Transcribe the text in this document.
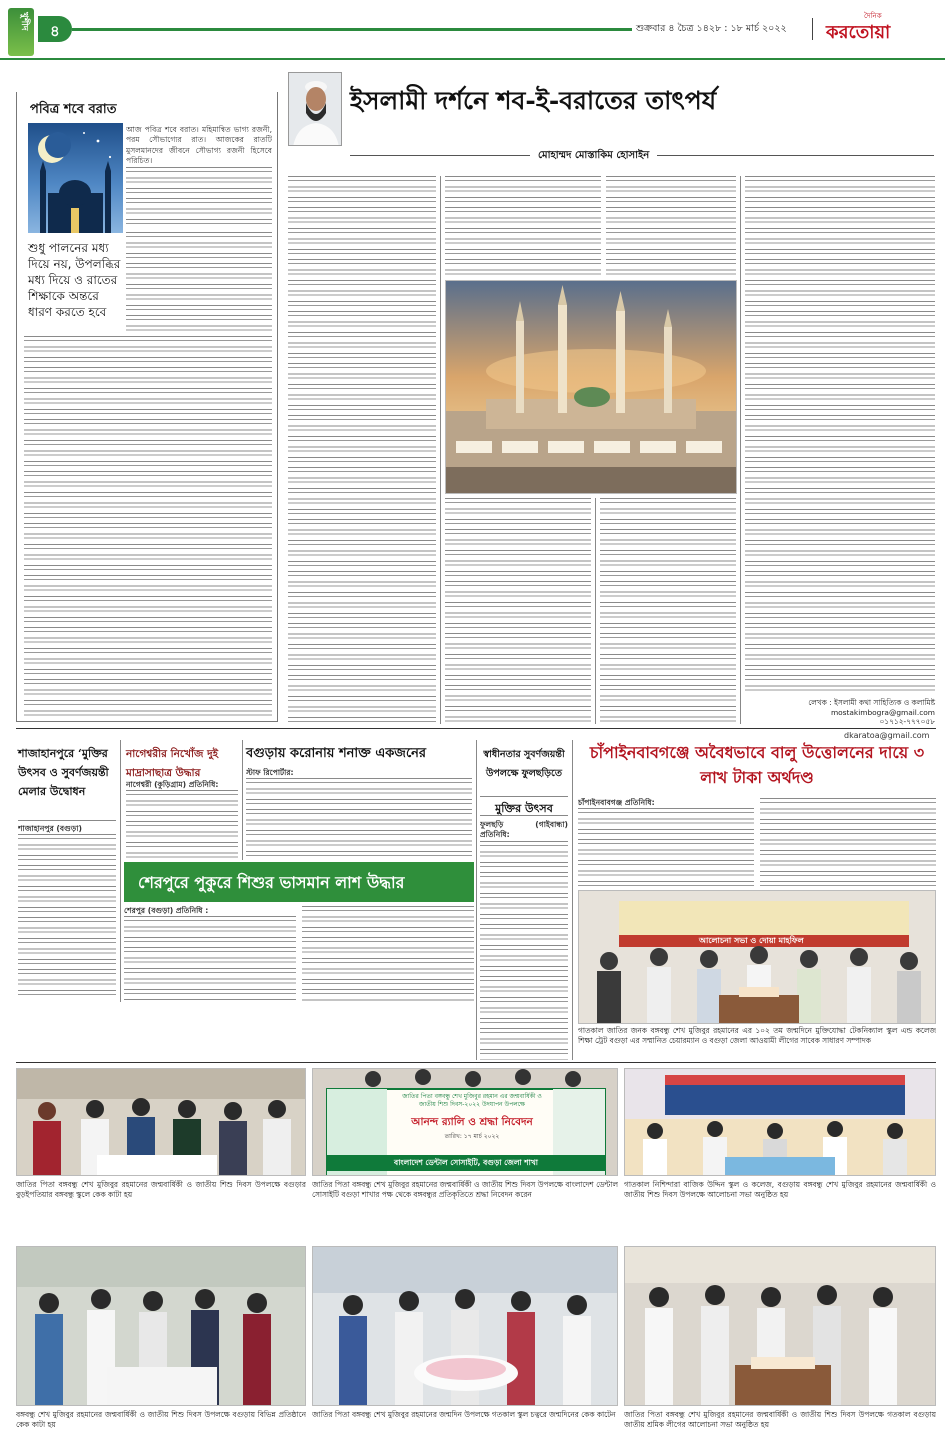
খুশীদ
৪	শুক্রবার ৪ চৈত্র ১৪২৮ : ১৮ মার্চ ২০২২
দৈনিক
করতোয়া
পবিত্র শবে বরাত
আজ পবিত্র শবে বরাত। মহিমান্বিত ভাগ্য রজনী, পরম সৌভাগ্যের রাত। আজকের রাতটি মুসলমানদের জীবনে সৌভাগ্য রজনী হিসেবে পরিচিত।
শুধু পালনের মধ্য দিয়ে নয়, উপলব্ধির মধ্য দিয়ে ও রাতের শিক্ষাকে অন্তরে ধারণ করতে হবে
ইসলামী দর্শনে শব-ই-বরাতের তাৎপর্য
মোহাম্মদ মোস্তাকিম হোসাইন
লেখক : ইসলামী কথা সাহিত্যিক ও কলামিষ্ট
mostakimbogra@gmail.com
০১৭১২-৭৭৭০৫৮
dkaratoa@gmail.com
শাজাহানপুরে ‘মুক্তির উৎসব ও সুবর্ণজয়ন্তী মেলার উদ্বোধন
শাজাহানপুর (বগুড়া)
নাগেশ্বরীর নিখোঁজ দুই মাদ্রাসাছাত্র উদ্ধার
নাগেশ্বরী (কুড়িগ্রাম) প্রতিনিধি:
বগুড়ায় করোনায় শনাক্ত একজনের
স্টাফ রিপোর্টার:
স্বাধীনতার সুবর্ণজয়ন্তী উপলক্ষে ফুলছড়িতে
মুক্তির উৎসব
ফুলছড়ি (গাইবান্ধা) প্রতিনিধি:
চাঁপাইনবাবগঞ্জে অবৈধভাবে বালু উত্তোলনের দায়ে ৩ লাখ টাকা অর্থদণ্ড
চাঁপাইনবাবগঞ্জ প্রতিনিধি:
শেরপুরে পুকুরে শিশুর ভাসমান লাশ উদ্ধার
শেরপুর (বগুড়া) প্রতিনিধি :
আলোচনা সভা ও দোয়া মাহফিল
গাতকাল জাতির জনক বঙ্গবন্ধু শেখ মুজিবুর রহমানের এর ১০২ তম জন্মদিনে মুক্তিযোদ্ধা টেকনিক্যাল স্কুল এন্ড কলেজ শিক্ষা ট্রেট বগুড়া এর সম্মানিত চেয়ারম্যান ও বগুড়া জেলা আওয়ামী লীগের সাবেক সাধারণ সম্পাদক
জাতির পিতা বঙ্গবন্ধু শেখ মুজিবুর রহমান এর জন্মবার্ষিকী ও জাতীয় শিশু দিবস-২০২২ উদযাপন উপলক্ষে
আনন্দ র‌্যালি ও শ্রদ্ধা নিবেদন
তারিখ: ১৭ মার্চ ২০২২
বাংলাদেশ ডেন্টাল সোসাইটি, বগুড়া জেলা শাখা
জাতির পিতা বঙ্গবন্ধু শেখ মুজিবুর রহমানের জন্মবার্ষিকী ও জাতীয় শিশু দিবস উপলক্ষে বগুড়ার বুড়ইপতিয়ার বঙ্গবন্ধু স্কুলে কেক কাটা হয়
জাতির পিতা বঙ্গবন্ধু শেখ মুজিবুর রহমানের জন্মবার্ষিকী ও জাতীয় শিশু দিবস উপলক্ষে বাংলাদেশ ডেন্টাল সোসাইটি বগুড়া শাখার পক্ষ থেকে বঙ্গবন্ধুর প্রতিকৃতিতে শ্রদ্ধা নিবেদন করেন
গাতকাল নিশিন্দারা বাজিক উদ্দিন স্কুল ও কলেজ, বগুড়ায় বঙ্গবন্ধু শেখ মুজিবুর রহমানের জন্মবার্ষিকী ও জাতীয় শিশু দিবস উপলক্ষে আলোচনা সভা অনুষ্ঠিত হয়
বঙ্গবন্ধু শেখ মুজিবুর রহমানের জন্মবার্ষিকী ও জাতীয় শিশু দিবস উপলক্ষে বগুড়ায় বিভিন্ন প্রতিষ্ঠানে কেক কাটা হয়
জাতির পিতা বঙ্গবন্ধু শেখ মুজিবুর রহমানের জন্মদিন উপলক্ষে গতকাল স্কুল চত্বরে জন্মদিনের কেক কাটেন	জাতির পিতা বঙ্গবন্ধু শেখ মুজিবুর রহমানের জন্মবার্ষিকী ও জাতীয় শিশু দিবস উপলক্ষে গতকাল বগুড়ায় জাতীয় শ্রমিক লীগের আলোচনা সভা অনুষ্ঠিত হয়
